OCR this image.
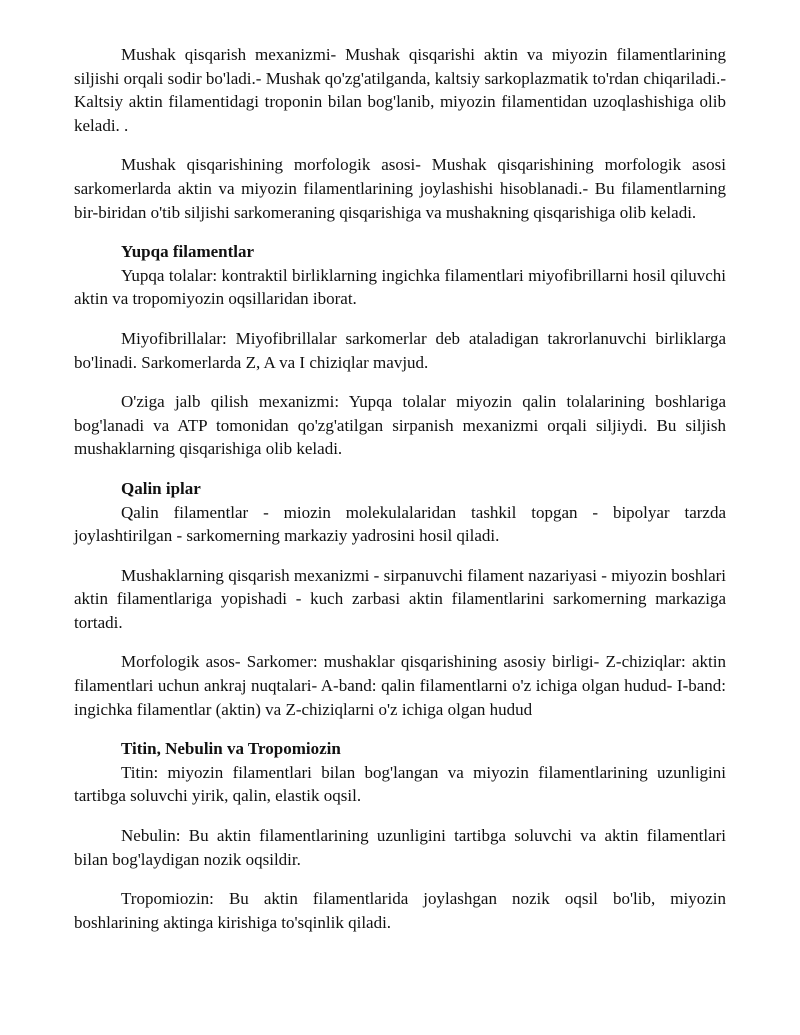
Mushak qisqarish mexanizmi- Mushak qisqarishi aktin va miyozin filamentlarining siljishi orqali sodir bo'ladi.- Mushak qo'zg'atilganda, kaltsiy sarkoplazmatik to'rdan chiqariladi.- Kaltsiy aktin filamentidagi troponin bilan bog'lanib, miyozin filamentidan uzoqlashishiga olib keladi. .

Mushak qisqarishining morfologik asosi- Mushak qisqarishining morfologik asosi sarkomerlarda aktin va miyozin filamentlarining joylashishi hisoblanadi.- Bu filamentlarning bir-biridan o'tib siljishi sarkomeraning qisqarishiga va mushakning qisqarishiga olib keladi.

Yupqa filamentlar

Yupqa tolalar: kontraktil birliklarning ingichka filamentlari miyofibrillarni hosil qiluvchi aktin va tropomiyozin oqsillaridan iborat.

Miyofibrillalar: Miyofibrillalar sarkomerlar deb ataladigan takrorlanuvchi birliklarga bo'linadi. Sarkomerlarda Z, A va I chiziqlar mavjud.

O'ziga jalb qilish mexanizmi: Yupqa tolalar miyozin qalin tolalarining boshlariga bog'lanadi va ATP tomonidan qo'zg'atilgan sirpanish mexanizmi orqali siljiydi. Bu siljish mushaklarning qisqarishiga olib keladi.

Qalin iplar

Qalin filamentlar - miozin molekulalaridan tashkil topgan - bipolyar tarzda joylashtirilgan - sarkomerning markaziy yadrosini hosil qiladi.

Mushaklarning qisqarish mexanizmi - sirpanuvchi filament nazariyasi - miyozin boshlari aktin filamentlariga yopishadi - kuch zarbasi aktin filamentlarini sarkomerning markaziga tortadi.

Morfologik asos- Sarkomer: mushaklar qisqarishining asosiy birligi- Z-chiziqlar: aktin filamentlari uchun ankraj nuqtalari- A-band: qalin filamentlarni o'z ichiga olgan hudud- I-band: ingichka filamentlar (aktin) va Z-chiziqlarni o'z ichiga olgan hudud

Titin, Nebulin va Tropomiozin

Titin: miyozin filamentlari bilan bog'langan va miyozin filamentlarining uzunligini tartibga soluvchi yirik, qalin, elastik oqsil.

Nebulin: Bu aktin filamentlarining uzunligini tartibga soluvchi va aktin filamentlari bilan bog'laydigan nozik oqsildir.

Tropomiozin: Bu aktin filamentlarida joylashgan nozik oqsil bo'lib, miyozin boshlarining aktinga kirishiga to'sqinlik qiladi.
